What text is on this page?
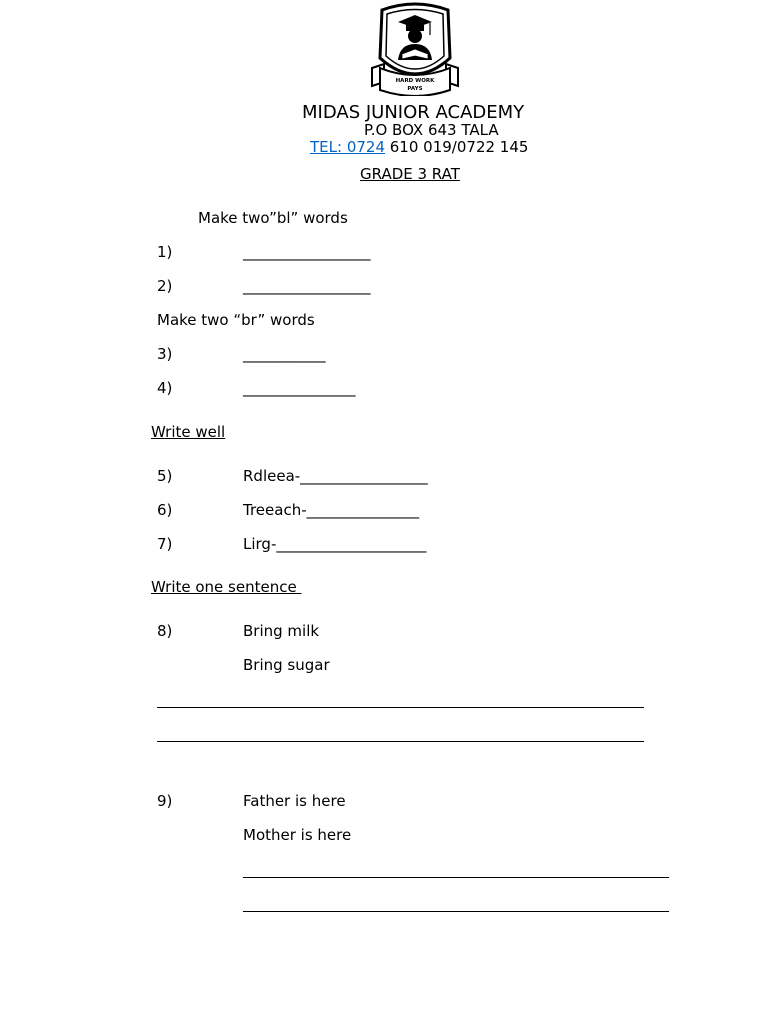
HARD WORK
PAYS
MIDAS JUNIOR ACADEMY
P.O BOX 643 TALA
TEL: 0724 610 019/0722 145
GRADE 3 RAT
Make two”bl” words
1)	_________________
2)	_________________
Make two “br” words
3)	___________
4)	_______________
Write well
5)	Rdleea-_________________
6)	Treeach-_______________
7)	Lirg-____________________
Write one sentence
8)	Bring milk
Bring sugar
9)	Father is here
Mother is here
